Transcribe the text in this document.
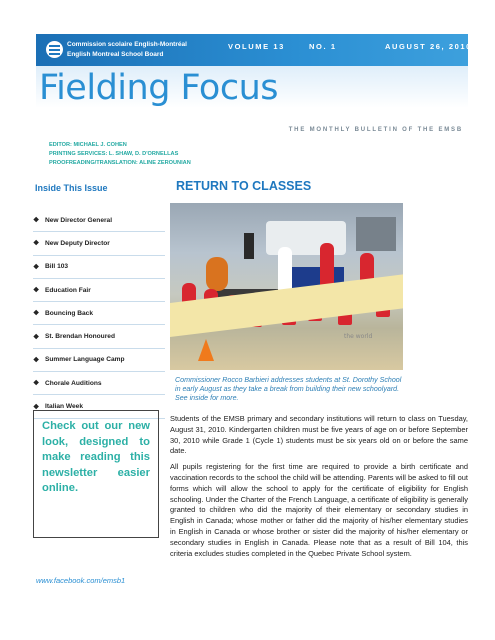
Commission scolaire English-Montréal
English Montreal School Board
VOLUME 13	NO. 1	AUGUST 26, 2010
Fielding Focus
THE MONTHLY BULLETIN OF THE EMSB
EDITOR: MICHAEL J. COHEN
PRINTING SERVICES: L. SHAW, D. D'ORNELLAS
PROOFREADING/TRANSLATION: ALINE ZEROUNIAN
Inside This Issue
❖ New Director General
❖ New Deputy Director
❖ Bill 103
❖ Education Fair
❖ Bouncing Back
❖ St. Brendan Honoured
❖ Summer Language Camp
❖ Chorale Auditions
❖ Italian Week
Check out our new look, designed to make reading this newsletter easier online.
www.facebook.com/emsb1
RETURN TO CLASSES
the world
Commissioner Rocco Barbieri addresses students at St. Dorothy School in early August as they take a break from building their new schoolyard. See inside for more.

Students of the EMSB primary and secondary institutions will return to class on Tuesday, August 31, 2010. Kindergarten children must be five years of age on or before September 30, 2010 while Grade 1 (Cycle 1) students must be six years old on or before the same date.

All pupils registering for the first time are required to provide a birth certificate and vaccination records to the school the child will be attending. Parents will be asked to fill out forms which will allow the school to apply for the certificate of eligibility for English schooling. Under the Charter of the French Language, a certificate of eligibility is generally granted to children who did the majority of their elementary or secondary studies in English in Canada; whose mother or father did the majority of his/her elementary studies in English in Canada or whose brother or sister did the majority of his/her elementary or secondary studies in English in Canada. Please note that as a result of Bill 104, this criteria excludes studies completed in the Quebec Private School system.
